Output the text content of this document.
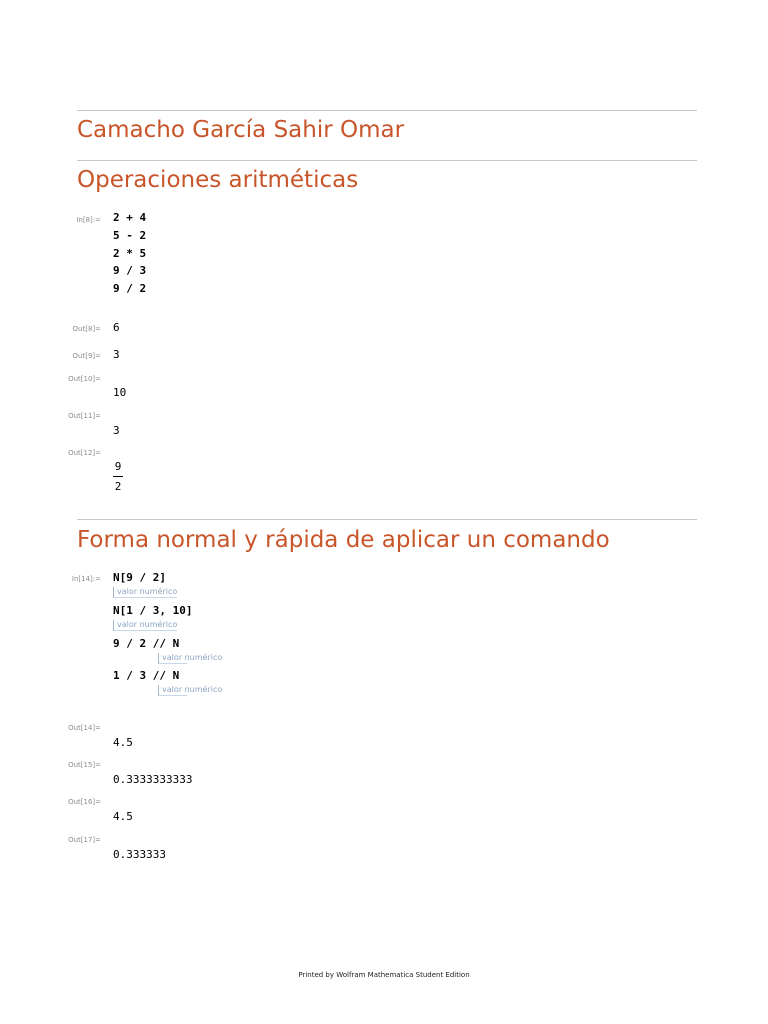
Camacho García Sahir Omar
Operaciones aritméticas
In[8]:= 2 + 4
5 - 2
2 * 5
9 / 3
9 / 2
Out[8]= 6
Out[9]= 3
Out[10]=
10
Out[11]=
3
Out[12]=
9
2
Forma normal y rápida de aplicar un comando
In[14]:= N[9 / 2]
valor numérico
N[1 / 3, 10]
valor numérico
9 / 2 // N
valor numérico
1 / 3 // N
valor numérico
Out[14]=
4.5
Out[15]=
0.3333333333
Out[16]=
4.5
Out[17]=
0.333333
Printed by Wolfram Mathematica Student Edition
